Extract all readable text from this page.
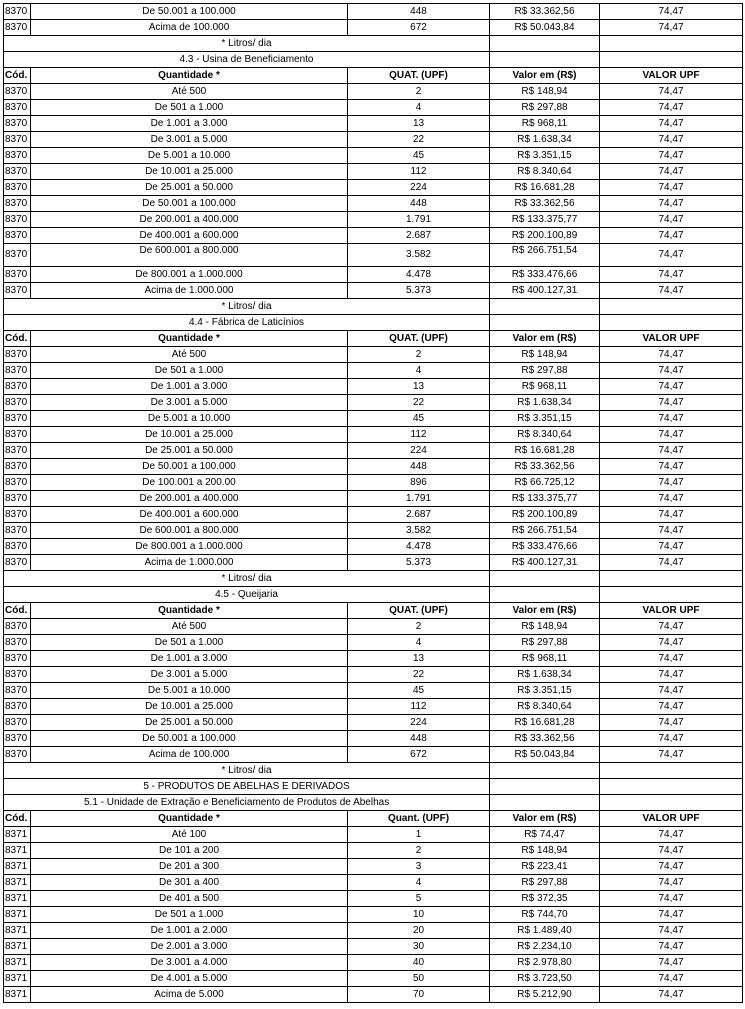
8370	De 50.001 a 100.000	448	R$ 33.362,56	74,47
8370	Acima de 100.000	672	R$ 50.043,84	74,47
* Litros/ dia				
4.3 - Usina de Beneficiamento				
Cód.	Quantidade *	QUAT. (UPF)	Valor em (R$)	VALOR UPF
8370	Até 500	2	R$ 148,94	74,47
8370	De 501 a 1.000	4	R$ 297,88	74,47
8370	De 1.001 a 3.000	13	R$ 968,11	74,47
8370	De 3.001 a 5.000	22	R$ 1.638,34	74,47
8370	De 5.001 a 10.000	45	R$ 3.351,15	74,47
8370	De 10.001 a 25.000	112	R$ 8.340,64	74,47
8370	De 25.001 a 50.000	224	R$ 16.681,28	74,47
8370	De 50.001 a 100.000	448	R$ 33.362,56	74,47
8370	De 200.001 a 400.000	1.791	R$ 133.375,77	74,47
8370	De 400.001 a 600.000	2.687	R$ 200.100,89	74,47
8370	De 600.001 a 800.000	3.582	R$ 266.751,54	74,47
8370	De 800.001 a 1.000.000	4.478	R$ 333.476,66	74,47
8370	Acima de 1.000.000	5.373	R$ 400.127,31	74,47
* Litros/ dia				
4.4 - Fábrica de Laticínios				
Cód.	Quantidade *	QUAT. (UPF)	Valor em (R$)	VALOR UPF
8370	Até 500	2	R$ 148,94	74,47
8370	De 501 a 1.000	4	R$ 297,88	74,47
8370	De 1.001 a 3.000	13	R$ 968,11	74,47
8370	De 3.001 a 5.000	22	R$ 1.638,34	74,47
8370	De 5.001 a 10.000	45	R$ 3.351,15	74,47
8370	De 10.001 a 25.000	112	R$ 8.340,64	74,47
8370	De 25.001 a 50.000	224	R$ 16.681,28	74,47
8370	De 50.001 a 100.000	448	R$ 33.362,56	74,47
8370	De 100.001 a 200.00	896	R$ 66.725,12	74,47
8370	De 200.001 a 400.000	1.791	R$ 133.375,77	74,47
8370	De 400.001 a 600.000	2.687	R$ 200.100,89	74,47
8370	De 600.001 a 800.000	3.582	R$ 266.751,54	74,47
8370	De 800.001 a 1.000.000	4.478	R$ 333.476,66	74,47
8370	Acima de 1.000.000	5.373	R$ 400.127,31	74,47
* Litros/ dia				
4.5 - Queijaria				
Cód.	Quantidade *	QUAT. (UPF)	Valor em (R$)	VALOR UPF
8370	Até 500	2	R$ 148,94	74,47
8370	De 501 a 1.000	4	R$ 297,88	74,47
8370	De 1.001 a 3.000	13	R$ 968,11	74,47
8370	De 3.001 a 5.000	22	R$ 1.638,34	74,47
8370	De 5.001 a 10.000	45	R$ 3.351,15	74,47
8370	De 10.001 a 25.000	112	R$ 8.340,64	74,47
8370	De 25.001 a 50.000	224	R$ 16.681,28	74,47
8370	De 50.001 a 100.000	448	R$ 33.362,56	74,47
8370	Acima de 100.000	672	R$ 50.043,84	74,47
* Litros/ dia				
5 - PRODUTOS DE ABELHAS E DERIVADOS				
5.1 - Unidade de Extração e Beneficiamento de Produtos de Abelhas				
Cód.	Quantidade *	Quant. (UPF)	Valor em (R$)	VALOR UPF
8371	Até 100	1	R$ 74,47	74,47
8371	De 101 a 200	2	R$ 148,94	74,47
8371	De 201 a 300	3	R$ 223,41	74,47
8371	De 301 a 400	4	R$ 297,88	74,47
8371	De 401 a 500	5	R$ 372,35	74,47
8371	De 501 a 1.000	10	R$ 744,70	74,47
8371	De 1.001 a 2.000	20	R$ 1.489,40	74,47
8371	De 2.001 a 3.000	30	R$ 2.234,10	74,47
8371	De 3.001 a 4.000	40	R$ 2.978,80	74,47
8371	De 4.001 a 5.000	50	R$ 3.723,50	74,47
8371	Acima de 5.000	70	R$ 5.212,90	74,47
